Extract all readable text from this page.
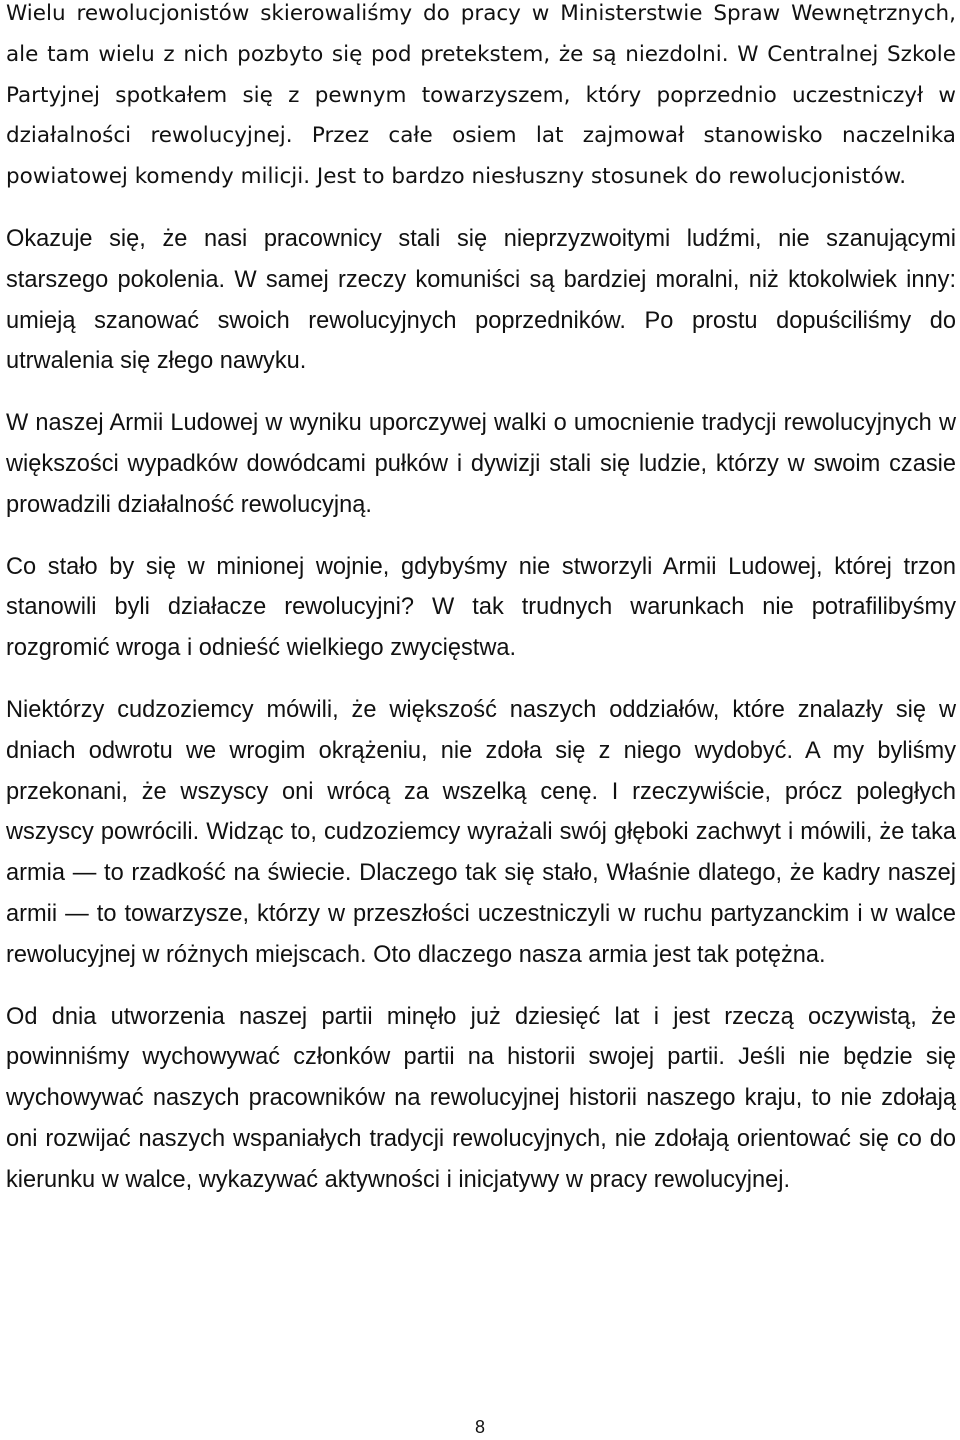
Wielu rewolucjonistów skierowaliśmy do pracy w Ministerstwie Spraw Wewnętrznych, ale tam wielu z nich pozbyto się pod pretekstem, że są niezdolni. W Centralnej Szkole Partyjnej spotkałem się z pewnym towarzyszem, który poprzednio uczestniczył w działalności rewolucyjnej. Przez całe osiem lat zajmował stanowisko naczelnika powiatowej komendy milicji. Jest to bardzo niesłuszny stosunek do rewolucjonistów.

Okazuje się, że nasi pracownicy stali się nieprzyzwoitymi ludźmi, nie szanującymi starszego pokolenia. W samej rzeczy komuniści są bardziej moralni, niż ktokolwiek inny: umieją szanować swoich rewolucyjnych poprzedników. Po prostu dopuściliśmy do utrwalenia się złego nawyku.

W naszej Armii Ludowej w wyniku uporczywej walki o umocnienie tradycji rewolucyjnych w większości wypadków dowódcami pułków i dywizji stali się ludzie, którzy w swoim czasie prowadzili działalność rewolucyjną.

Co stało by się w minionej wojnie, gdybyśmy nie stworzyli Armii Ludowej, której trzon stanowili byli działacze rewolucyjni? W tak trudnych warunkach nie potrafilibyśmy rozgromić wroga i odnieść wielkiego zwycięstwa.

Niektórzy cudzoziemcy mówili, że większość naszych oddziałów, które znalazły się w dniach odwrotu we wrogim okrążeniu, nie zdoła się z niego wydobyć. A my byliśmy przekonani, że wszyscy oni wrócą za wszelką cenę. I rzeczywiście, prócz poległych wszyscy powrócili. Widząc to, cudzoziemcy wyrażali swój głęboki zachwyt i mówili, że taka armia — to rzadkość na świecie. Dlaczego tak się stało, Właśnie dlatego, że kadry naszej armii — to towarzysze, którzy w przeszłości uczestniczyli w ruchu partyzanckim i w walce rewolucyjnej w różnych miejscach. Oto dlaczego nasza armia jest tak potężna.

Od dnia utworzenia naszej partii minęło już dziesięć lat i jest rzeczą oczywistą, że powinniśmy wychowywać członków partii na historii swojej partii. Jeśli nie będzie się wychowywać naszych pracowników na rewolucyjnej historii naszego kraju, to nie zdołają oni rozwijać naszych wspaniałych tradycji rewolucyjnych, nie zdołają orientować się co do kierunku w walce, wykazywać aktywności i inicjatywy w pracy rewolucyjnej.

8
